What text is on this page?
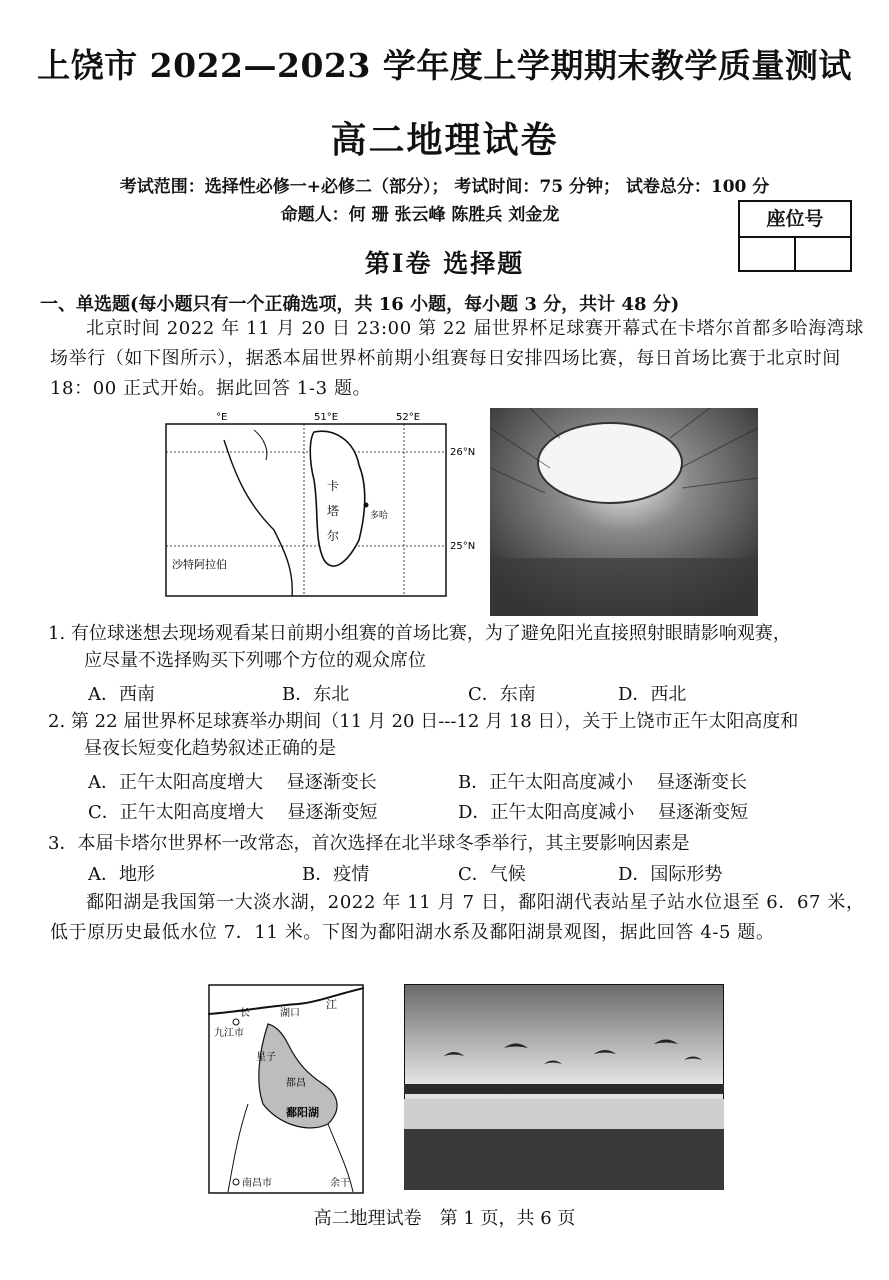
上饶市 2022—2023 学年度上学期期末教学质量测试
高二地理试卷
考试范围：选择性必修一+必修二（部分）； 考试时间：75 分钟； 试卷总分：100 分
命题人：何 珊 张云峰 陈胜兵 刘金龙	座位号
第Ⅰ卷 选择题
一、单选题(每小题只有一个正确选项，共 16 小题，每小题 3 分，共计 48 分)
北京时间 2022 年 11 月 20 日 23:00 第 22 届世界杯足球赛开幕式在卡塔尔首都多哈海湾球场举行（如下图所示），据悉本届世界杯前期小组赛每日安排四场比赛，每日首场比赛于北京时间 18：00 正式开始。据此回答 1-3 题。
°E	51°E	52°E
26°N
25°N
卡
塔
尔
多哈
沙特阿拉伯
1. 有位球迷想去现场观看某日前期小组赛的首场比赛，为了避免阳光直接照射眼睛影响观赛，
应尽量不选择购买下列哪个方位的观众席位
A．西南	B．东北	C．东南	D．西北
2. 第 22 届世界杯足球赛举办期间（11 月 20 日---12 月 18 日），关于上饶市正午太阳高度和
昼夜长短变化趋势叙述正确的是
A．正午太阳高度增大　 昼逐渐变长	B．正午太阳高度减小　 昼逐渐变长
C．正午太阳高度增大　 昼逐渐变短	D．正午太阳高度减小　 昼逐渐变短
3．本届卡塔尔世界杯一改常态，首次选择在北半球冬季举行，其主要影响因素是
A．地形	B．疫情	C．气候	D．国际形势
鄱阳湖是我国第一大淡水湖，2022 年 11 月 7 日，鄱阳湖代表站星子站水位退至 6．67 米，低于原历史最低水位 7．11 米。下图为鄱阳湖水系及鄱阳湖景观图，据此回答 4-5 题。
江
长
九江市
湖口
星子
都昌
鄱阳湖
南昌市	余干
高二地理试卷　第 1 页，共 6 页
